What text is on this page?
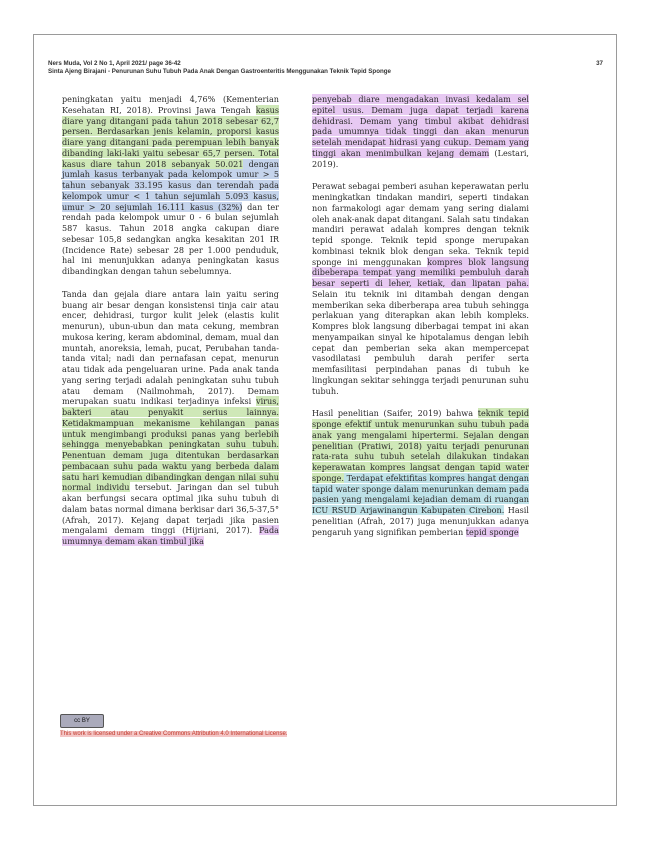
Ners Muda, Vol 2 No 1, April 2021/ page 36-42	37
Sinta Ajeng Birajani - Penurunan Suhu Tubuh Pada Anak Dengan Gastroenteritis Menggunakan Teknik Tepid Sponge

peningkatan yaitu menjadi 4,76% (Kementerian Kesehatan RI, 2018). Provinsi Jawa Tengah kasus diare yang ditangani pada tahun 2018 sebesar 62,7 persen. Berdasarkan jenis kelamin, proporsi kasus diare yang ditangani pada perempuan lebih banyak dibanding laki-laki yaitu sebesar 65,7 persen. Total kasus diare tahun 2018 sebanyak 50.021 dengan jumlah kasus terbanyak pada kelompok umur > 5 tahun sebanyak 33.195 kasus dan terendah pada kelompok umur < 1 tahun sejumlah 5.093 kasus, umur > 20 sejumlah 16.111 kasus (32%) dan ter rendah pada kelompok umur 0 - 6 bulan sejumlah 587 kasus. Tahun 2018 angka cakupan diare sebesar 105,8 sedangkan angka kesakitan 201 IR (Incidence Rate) sebesar 28 per 1.000 penduduk, hal ini menunjukkan adanya peningkatan kasus dibandingkan dengan tahun sebelumnya.

Tanda dan gejala diare antara lain yaitu sering buang air besar dengan konsistensi tinja cair atau encer, dehidrasi, turgor kulit jelek (elastis kulit menurun), ubun-ubun dan mata cekung, membran mukosa kering, keram abdominal, demam, mual dan muntah, anoreksia, lemah, pucat, Perubahan tanda-tanda vital; nadi dan pernafasan cepat, menurun atau tidak ada pengeluaran urine. Pada anak tanda yang sering terjadi adalah peningkatan suhu tubuh atau demam (Nailmohmah, 2017). Demam merupakan suatu indikasi terjadinya infeksi virus, bakteri atau penyakit serius lainnya. Ketidakmampuan mekanisme kehilangan panas untuk mengimbangi produksi panas yang berlebih sehingga menyebabkan peningkatan suhu tubuh. Penentuan demam juga ditentukan berdasarkan pembacaan suhu pada waktu yang berbeda dalam satu hari kemudian dibandingkan dengan nilai suhu normal individu tersebut. Jaringan dan sel tubuh akan berfungsi secara optimal jika suhu tubuh di dalam batas normal dimana berkisar dari 36,5-37,5°(Afrah, 2017). Kejang dapat terjadi jika pasien mengalami demam tinggi (Hijriani, 2017). Pada umumnya demam akan timbul jika

penyebab diare mengadakan invasi kedalam sel epitel usus. Demam juga dapat terjadi karena dehidrasi. Demam yang timbul akibat dehidrasi pada umumnya tidak tinggi dan akan menurun setelah mendapat hidrasi yang cukup. Demam yang tinggi akan menimbulkan kejang demam (Lestari, 2019).

Perawat sebagai pemberi asuhan keperawatan perlu meningkatkan tindakan mandiri, seperti tindakan non farmakologi agar demam yang sering dialami oleh anak-anak dapat ditangani. Salah satu tindakan mandiri perawat adalah kompres dengan teknik tepid sponge. Teknik tepid sponge merupakan kombinasi teknik blok dengan seka. Teknik tepid sponge ini menggunakan kompres blok langsung dibeberapa tempat yang memiliki pembuluh darah besar seperti di leher, ketiak, dan lipatan paha. Selain itu teknik ini ditambah dengan dengan memberikan seka diberberapa area tubuh sehingga perlakuan yang diterapkan akan lebih kompleks. Kompres blok langsung diberbagai tempat ini akan menyampaikan sinyal ke hipotalamus dengan lebih cepat dan pemberian seka akan mempercepat vasodilatasi pembuluh darah perifer serta memfasilitasi perpindahan panas di tubuh ke lingkungan sekitar sehingga terjadi penurunan suhu tubuh.

Hasil penelitian (Saifer, 2019) bahwa teknik tepid sponge efektif untuk menurunkan suhu tubuh pada anak yang mengalami hipertermi. Sejalan dengan penelitian (Pratiwi, 2018) yaitu terjadi penurunan rata-rata suhu tubuh setelah dilakukan tindakan keperawatan kompres langsat dengan tapid water sponge. Terdapat efektifitas kompres hangat dengan tapid water sponge dalam menurunkan demam pada pasien yang mengalami kejadian demam di ruangan ICU RSUD Arjawinangun Kabupaten Cirebon. Hasil penelitian (Afrah, 2017) juga menunjukkan adanya pengaruh yang signifikan pemberian tepid sponge

cc BY
This work is licensed under a Creative Commons Attribution 4.0 International License.
